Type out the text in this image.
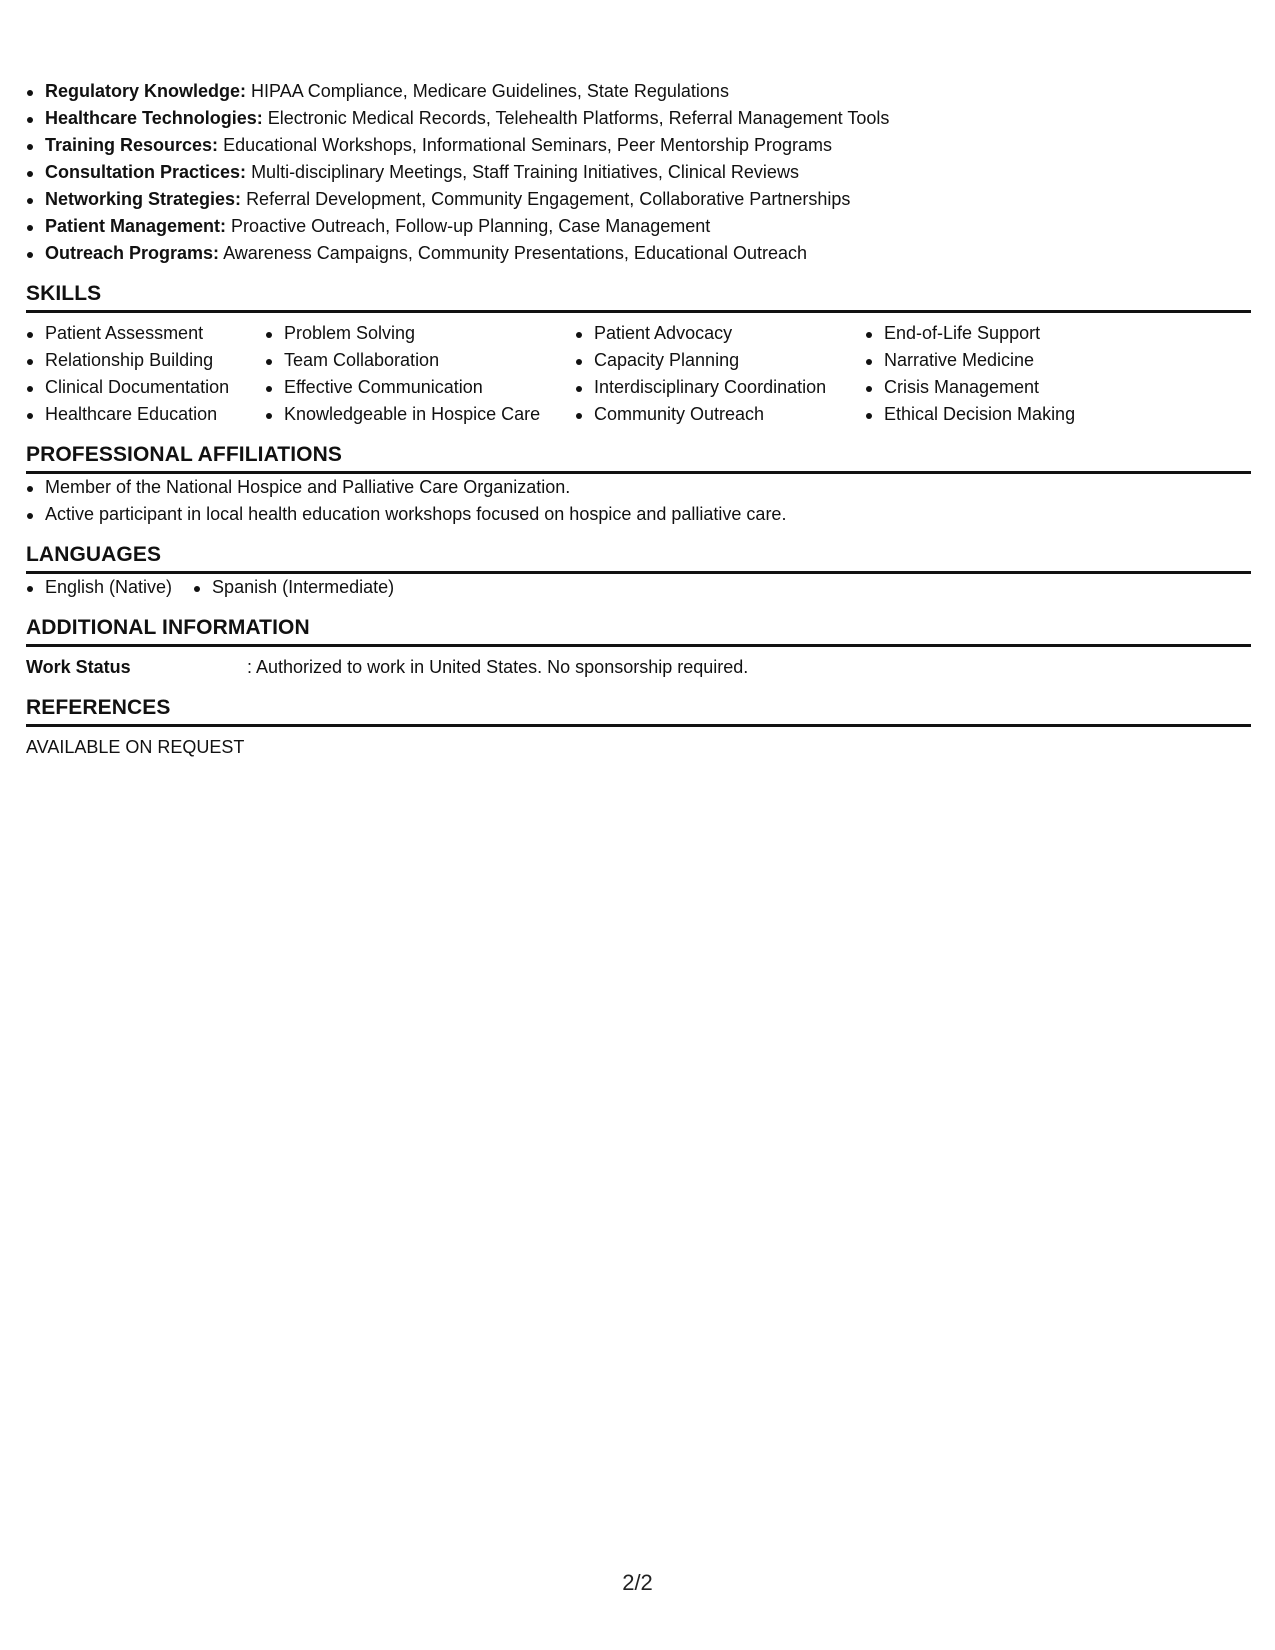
Regulatory Knowledge: HIPAA Compliance, Medicare Guidelines, State Regulations
Healthcare Technologies: Electronic Medical Records, Telehealth Platforms, Referral Management Tools
Training Resources: Educational Workshops, Informational Seminars, Peer Mentorship Programs
Consultation Practices: Multi-disciplinary Meetings, Staff Training Initiatives, Clinical Reviews
Networking Strategies: Referral Development, Community Engagement, Collaborative Partnerships
Patient Management: Proactive Outreach, Follow-up Planning, Case Management
Outreach Programs: Awareness Campaigns, Community Presentations, Educational Outreach
SKILLS
Patient Assessment
Relationship Building
Clinical Documentation
Healthcare Education
Problem Solving
Team Collaboration
Effective Communication
Knowledgeable in Hospice Care
Patient Advocacy
Capacity Planning
Interdisciplinary Coordination
Community Outreach
End-of-Life Support
Narrative Medicine
Crisis Management
Ethical Decision Making
PROFESSIONAL AFFILIATIONS
Member of the National Hospice and Palliative Care Organization.
Active participant in local health education workshops focused on hospice and palliative care.
LANGUAGES
English (Native)	Spanish (Intermediate)
ADDITIONAL INFORMATION
Work Status	: Authorized to work in United States. No sponsorship required.
REFERENCES
AVAILABLE ON REQUEST
2/2
